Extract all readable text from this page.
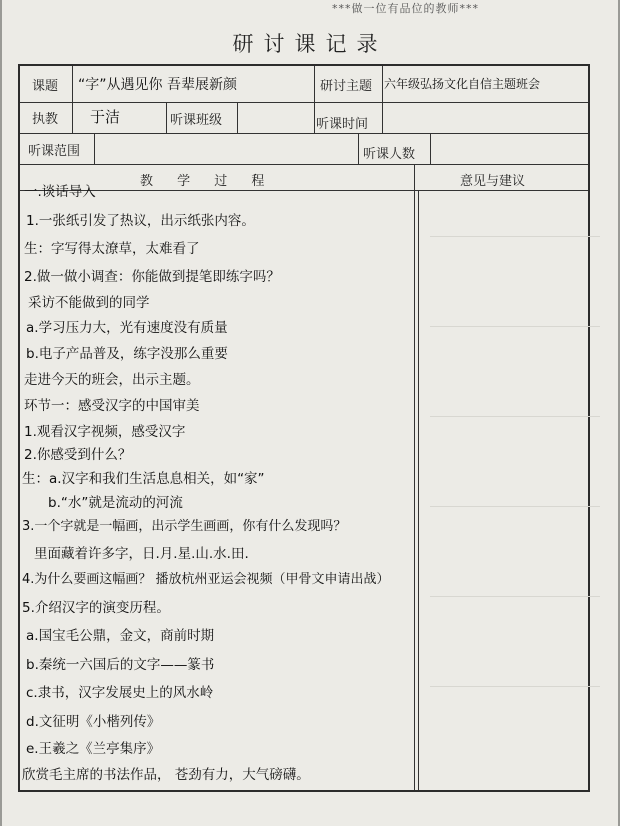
***做一位有品位的教师***
研讨课记录
课题 “字”从遇见你 吾辈展新颜	研讨主题 六年级弘扬文化自信主题班会
执教 于洁	听课班级	听课时间
听课范围	听课人数
教 学 过 程	意见与建议
一.谈话导入
1.一张纸引发了热议，出示纸张内容。
生：字写得太潦草，太难看了
2.做一做小调查：你能做到提笔即练字吗？
采访不能做到的同学
a.学习压力大，光有速度没有质量
b.电子产品普及，练字没那么重要
走进今天的班会，出示主题。
环节一：感受汉字的中国审美
1.观看汉字视频，感受汉字
2.你感受到什么？
生：a.汉字和我们生活息息相关，如“家”
b.“水”就是流动的河流
3.一个字就是一幅画，出示学生画画，你有什么发现吗？
里面藏着许多字，日.月.星.山.水.田.
4.为什么要画这幅画？ 播放杭州亚运会视频（甲骨文申请出战）
5.介绍汉字的演变历程。
a.国宝毛公鼎，金文，商前时期
b.秦统一六国后的文字——篆书
c.隶书，汉字发展史上的风水岭
d.文征明《小楷列传》
e.王羲之《兰亭集序》
欣赏毛主席的书法作品， 苍劲有力，大气磅礴。
